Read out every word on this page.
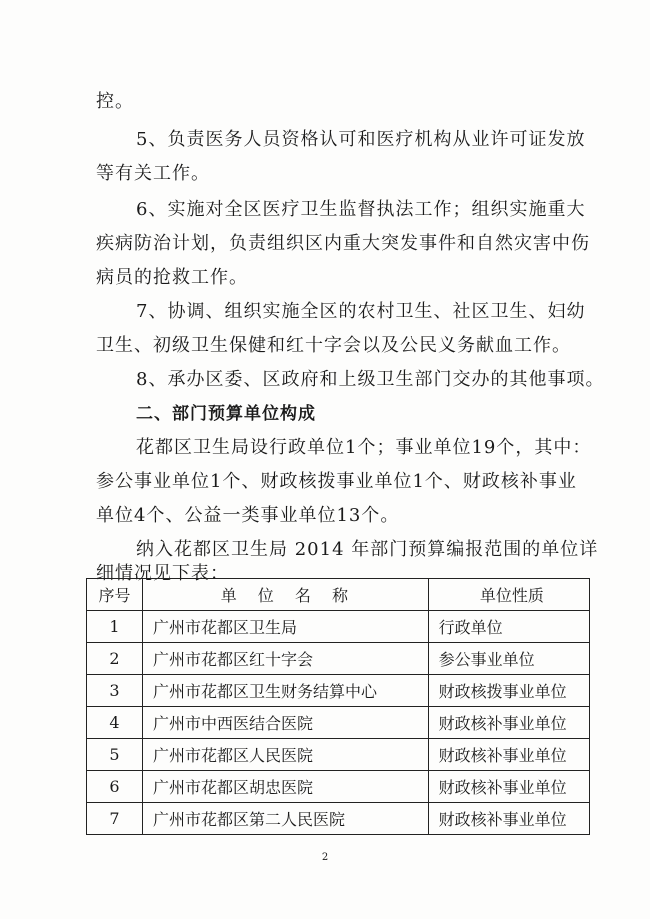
控。
5、负责医务人员资格认可和医疗机构从业许可证发放
等有关工作。
6、实施对全区医疗卫生监督执法工作；组织实施重大
疾病防治计划，负责组织区内重大突发事件和自然灾害中伤
病员的抢救工作。
7、协调、组织实施全区的农村卫生、社区卫生、妇幼
卫生、初级卫生保健和红十字会以及公民义务献血工作。
8、承办区委、区政府和上级卫生部门交办的其他事项。
二、部门预算单位构成
花都区卫生局设行政单位1个；事业单位19个，其中：
参公事业单位1个、财政核拨事业单位1个、财政核补事业
单位4个、公益一类事业单位13个。
纳入花都区卫生局 2014 年部门预算编报范围的单位详
细情况见下表：
序号	单 位 名 称	单位性质
1	广州市花都区卫生局	行政单位
2	广州市花都区红十字会	参公事业单位
3	广州市花都区卫生财务结算中心	财政核拨事业单位
4	广州市中西医结合医院	财政核补事业单位
5	广州市花都区人民医院	财政核补事业单位
6	广州市花都区胡忠医院	财政核补事业单位
7	广州市花都区第二人民医院	财政核补事业单位
2
